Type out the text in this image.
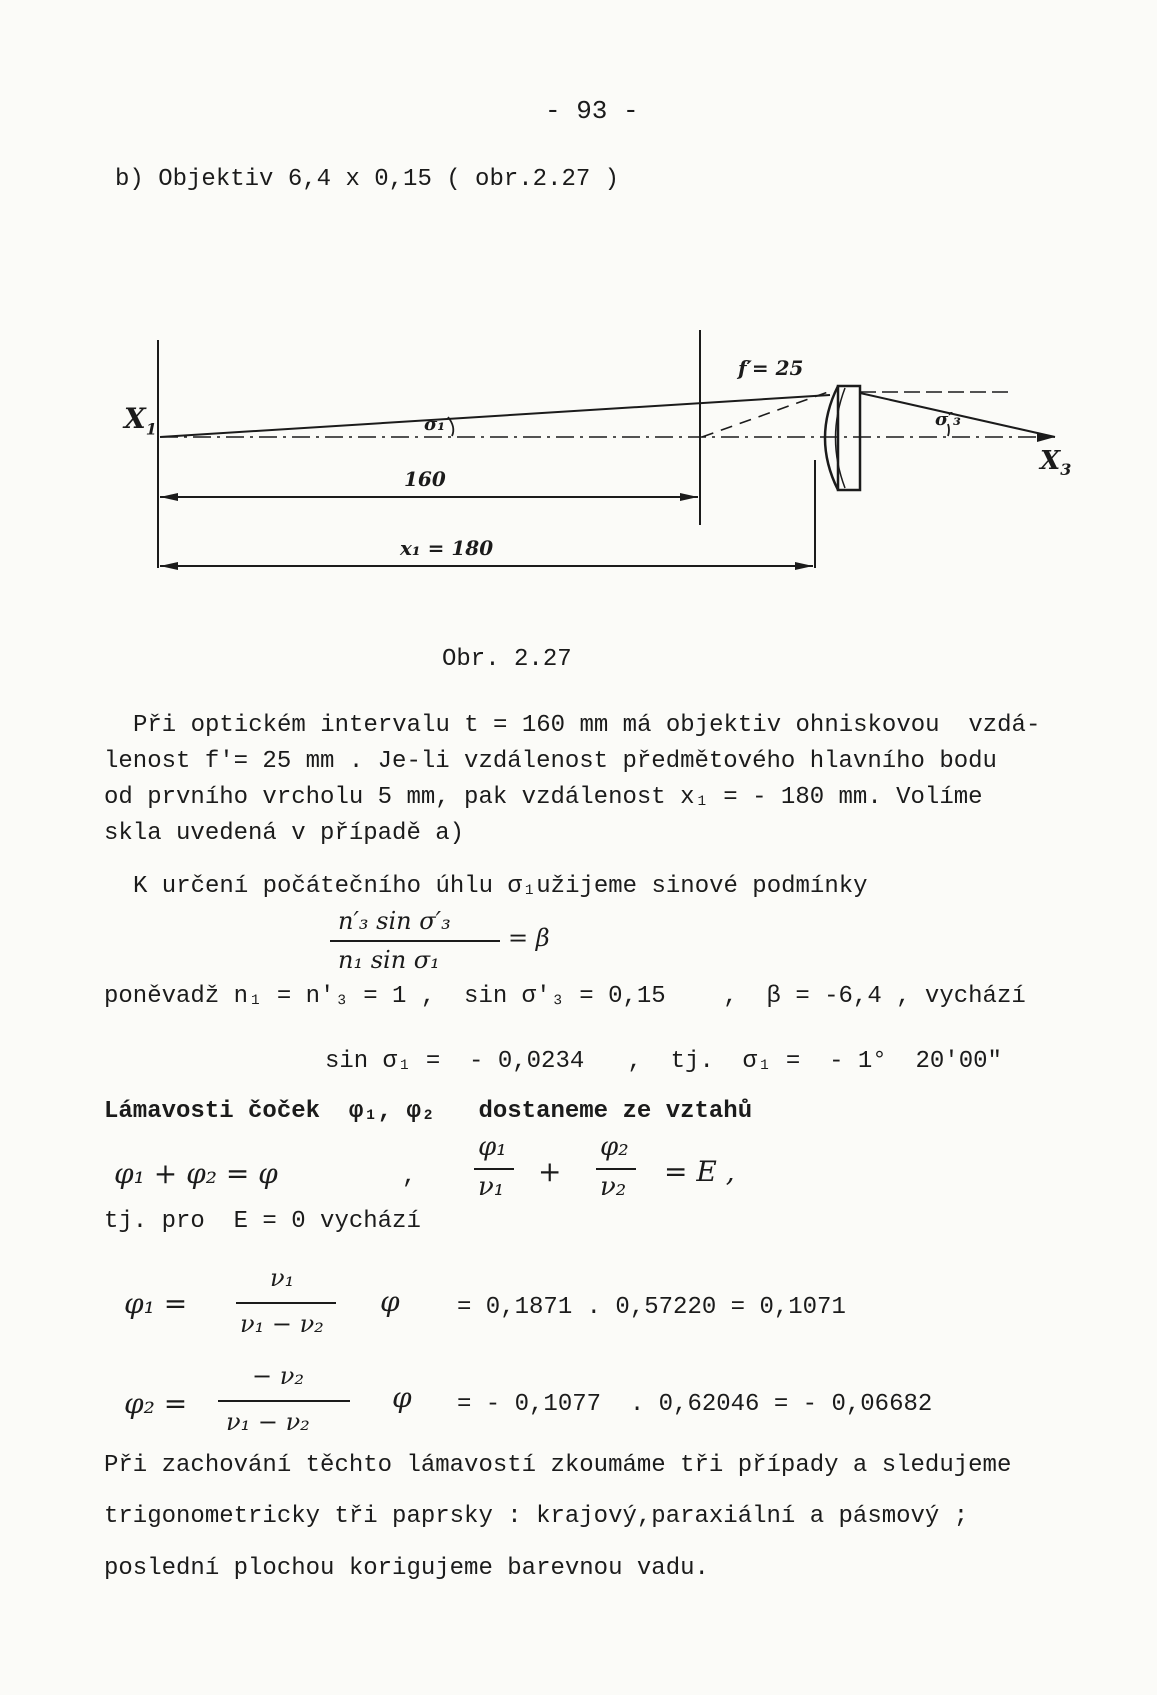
- 93 -
b) Objektiv 6,4 x 0,15 ( obr.2.27 )
$X_1$
$X_3$
f′= 25
σ₁	σ′₃
160
x₁ = 180
Obr. 2.27
Při optickém intervalu t = 160 mm má objektiv ohniskovou  vzdá-
lenost f′= 25 mm . Je-li vzdálenost předmětového hlavního bodu
od prvního vrcholu 5 mm, pak vzdálenost x₁ = - 180 mm. Volíme
skla uvedená v případě a)
K určení počátečního úhlu σ₁užijeme sinové podmínky
n′₃ sin σ′₃
n₁ sin σ₁
= β
poněvadž n₁ = n′₃ = 1 ,  sin σ′₃ = 0,15    ,  β = -6,4 , vychází
sin σ₁ =  - 0,0234   ,  tj.  σ₁ =  - 1°  20′00″
Lámavosti čoček  φ₁, φ₂   dostaneme ze vztahů
φ₁ + φ₂ = φ	,
φ₁
ν₁ +
φ₂
ν₂ = E ,
tj. pro  E = 0 vychází
φ₁ =
ν₁
ν₁ − ν₂
φ = 0,1871 . 0,57220 = 0,1071
φ₂ =
− ν₂
ν₁ − ν₂
φ = - 0,1077  . 0,62046 = - 0,06682
Při zachování těchto lámavostí zkoumáme tři případy a sledujeme
trigonometricky tři paprsky : krajový,paraxiální a pásmový ;
poslední plochou korigujeme barevnou vadu.
